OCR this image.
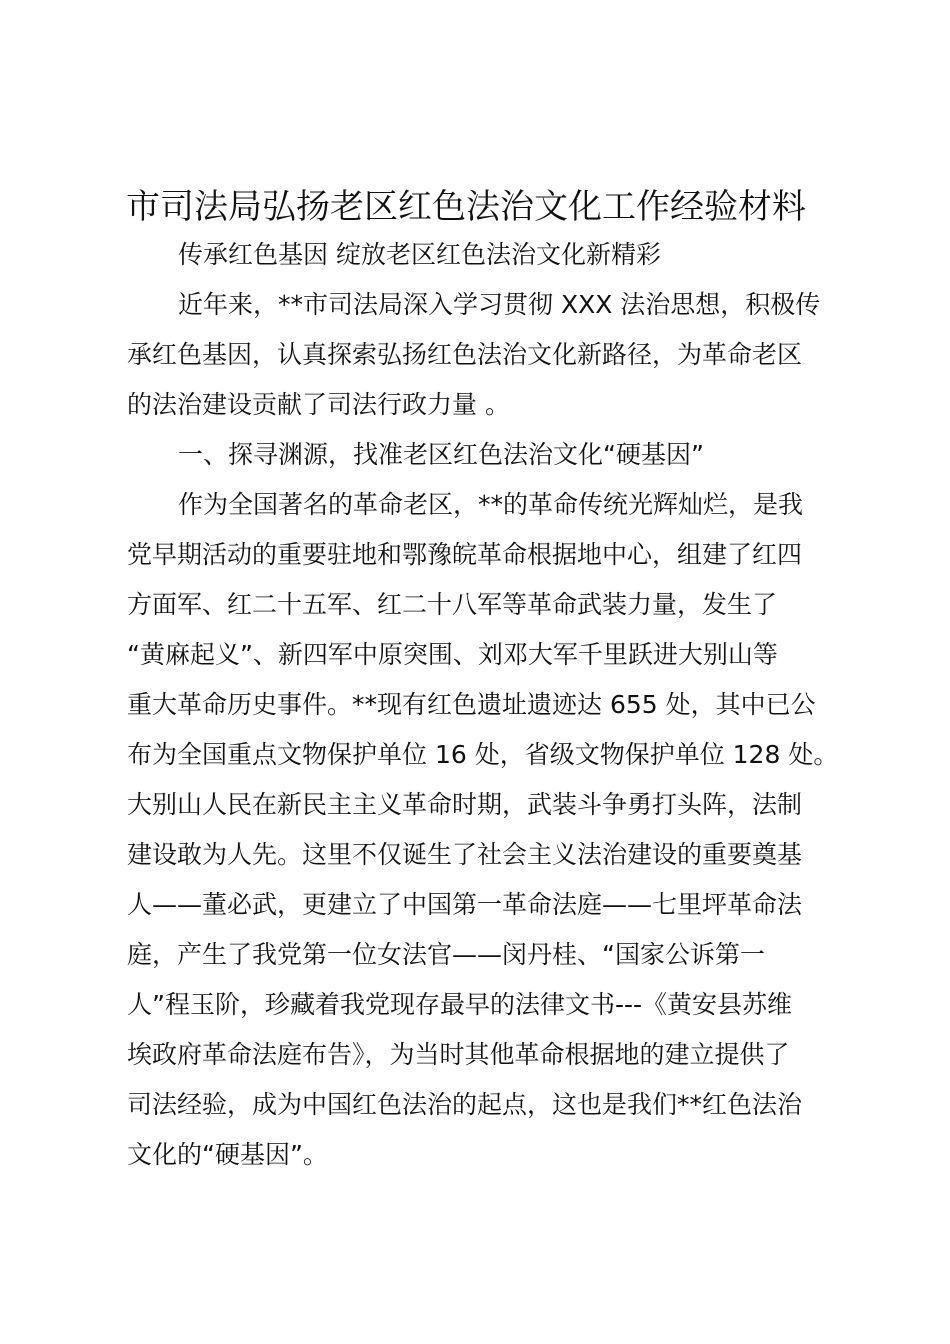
市司法局弘扬老区红色法治文化工作经验材料
传承红色基因 绽放老区红色法治文化新精彩
近年来，**市司法局深入学习贯彻 XXX 法治思想，积极传
承红色基因，认真探索弘扬红色法治文化新路径，为革命老区
的法治建设贡献了司法行政力量 。
一、探寻渊源，找准老区红色法治文化“硬基因”
作为全国著名的革命老区，**的革命传统光辉灿烂，是我
党早期活动的重要驻地和鄂豫皖革命根据地中心，组建了红四
方面军、红二十五军、红二十八军等革命武装力量，发生了
“黄麻起义”、新四军中原突围、刘邓大军千里跃进大别山等
重大革命历史事件。**现有红色遗址遗迹达 655 处，其中已公
布为全国重点文物保护单位 16 处，省级文物保护单位 128 处。
大别山人民在新民主主义革命时期，武装斗争勇打头阵，法制
建设敢为人先。这里不仅诞生了社会主义法治建设的重要奠基
人——董必武，更建立了中国第一革命法庭——七里坪革命法
庭，产生了我党第一位女法官——闵丹桂、“国家公诉第一
人”程玉阶，珍藏着我党现存最早的法律文书---《黄安县苏维
埃政府革命法庭布告》，为当时其他革命根据地的建立提供了
司法经验，成为中国红色法治的起点，这也是我们**红色法治
文化的“硬基因”。
